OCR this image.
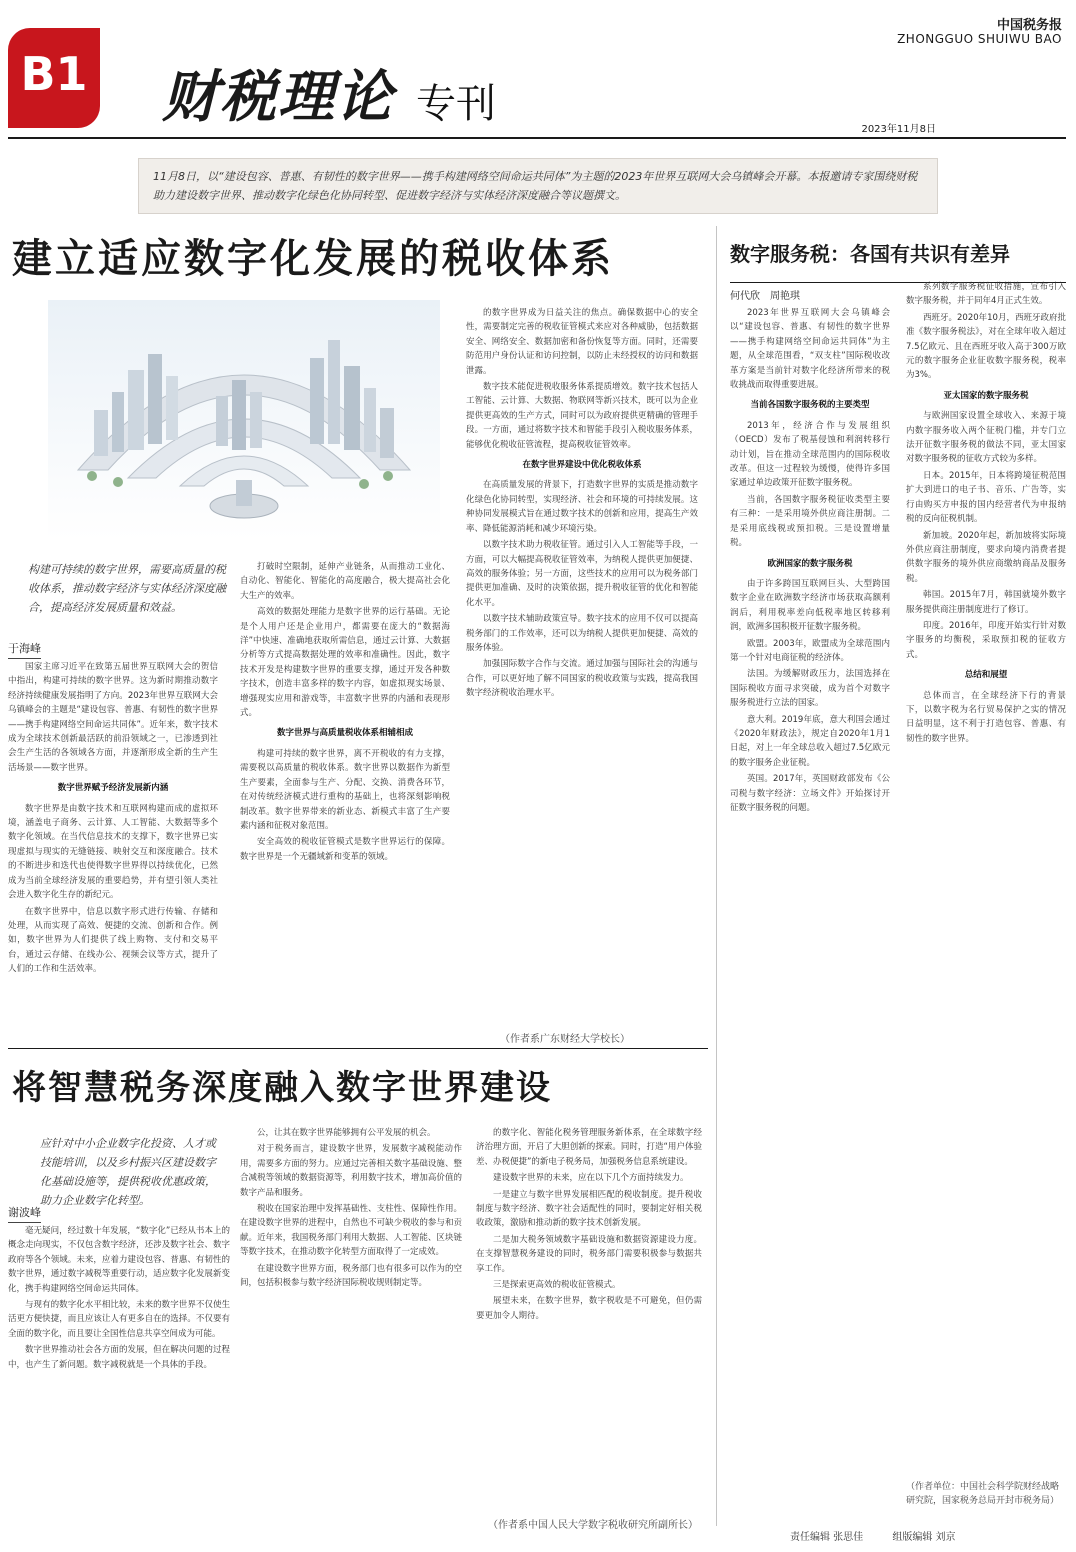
B1 财税理论 专刊
中国税务报
ZHONGGUO SHUIWU BAO
2023年11月8日
11月8日，以“建设包容、普惠、有韧性的数字世界——携手构建网络空间命运共同体”为主题的2023年世界互联网大会乌镇峰会开幕。本报邀请专家围绕财税助力建设数字世界、推动数字化绿色化协同转型、促进数字经济与实体经济深度融合等议题撰文。
建立适应数字化发展的税收体系
构建可持续的数字世界，需要高质量的税收体系，推动数字经济与实体经济深度融合，提高经济发展质量和效益。
于海峰

国家主席习近平在致第五届世界互联网大会的贺信中指出，构建可持续的数字世界。这为新时期推动数字经济持续健康发展指明了方向。2023年世界互联网大会乌镇峰会的主题是“建设包容、普惠、有韧性的数字世界——携手构建网络空间命运共同体”。近年来，数字技术成为全球技术创新最活跃的前沿领域之一，已渗透到社会生产生活的各领域各方面，并逐渐形成全新的生产生活场景——数字世界。

数字世界赋予经济发展新内涵

数字世界是由数字技术和互联网构建而成的虚拟环境，涵盖电子商务、云计算、人工智能、大数据等多个数字化领域。在当代信息技术的支撑下，数字世界已实现虚拟与现实的无缝链接、映射交互和深度融合。技术的不断进步和迭代也使得数字世界得以持续优化，已然成为当前全球经济发展的重要趋势，并有望引领人类社会进入数字化生存的新纪元。

在数字世界中，信息以数字形式进行传输、存储和处理，从而实现了高效、便捷的交流、创新和合作。例如，数字世界为人们提供了线上购物、支付和交易平台，通过云存储、在线办公、视频会议等方式，提升了人们的工作和生活效率。

打破时空限制，延伸产业链条，从而推动工业化、自动化、智能化、智能化的高度融合，极大提高社会化大生产的效率。

高效的数据处理能力是数字世界的运行基础。无论是个人用户还是企业用户，都需要在庞大的“数据海洋”中快速、准确地获取所需信息，通过云计算、大数据分析等方式提高数据处理的效率和准确性。因此，数字技术开发是构建数字世界的重要支撑，通过开发各种数字技术，创造丰富多样的数字内容，如虚拟现实场景、增强现实应用和游戏等，丰富数字世界的内涵和表现形式。

数字世界与高质量税收体系相辅相成

构建可持续的数字世界，离不开税收的有力支撑，需要税以高质量的税收体系。数字世界以数据作为新型生产要素，全面参与生产、分配、交换、消费各环节，在对传统经济模式进行重构的基础上，也将深刻影响税制改革。数字世界带来的新业态、新模式丰富了生产要素内涵和征税对象范围。

安全高效的税收征管模式是数字世界运行的保障。数字世界是一个无疆域新和变革的领域。

的数字世界成为日益关注的焦点。确保数据中心的安全性，需要制定完善的税收征管模式来应对各种威胁，包括数据安全、网络安全、数据加密和备份恢复等方面。同时，还需要防范用户身份认证和访问控制，以防止未经授权的访问和数据泄露。

数字技术能促进税收服务体系提质增效。数字技术包括人工智能、云计算、大数据、物联网等新兴技术，既可以为企业提供更高效的生产方式，同时可以为政府提供更精确的管理手段。一方面，通过将数字技术和智能手段引入税收服务体系，能够优化税收征管流程，提高税收征管效率。

在数字世界建设中优化税收体系

在高质量发展的背景下，打造数字世界的实质是推动数字化绿色化协同转型，实现经济、社会和环境的可持续发展。这种协同发展模式旨在通过数字技术的创新和应用，提高生产效率、降低能源消耗和减少环境污染。

以数字技术助力税收征管。通过引入人工智能等手段，一方面，可以大幅提高税收征管效率，为纳税人提供更加便捷、高效的服务体验；另一方面，这些技术的应用可以为税务部门提供更加准确、及时的决策依据，提升税收征管的优化和智能化水平。

以数字技术辅助政策宣导。数字技术的应用不仅可以提高税务部门的工作效率，还可以为纳税人提供更加便捷、高效的服务体验。

加强国际数字合作与交流。通过加强与国际社会的沟通与合作，可以更好地了解不同国家的税收政策与实践，提高我国数字经济税收治理水平。

（作者系广东财经大学校长）
将智慧税务深度融入数字世界建设
应针对中小企业数字化投资、人才或技能培训，以及乡村振兴区建设数字化基础设施等，提供税收优惠政策，助力企业数字化转型。
谢波峰

毫无疑问，经过数十年发展，“数字化”已经从书本上的概念走向现实，不仅包含数字经济，还涉及数字社会、数字政府等各个领域。未来，应着力建设包容、普惠、有韧性的数字世界，通过数字减税等重要行动，适应数字化发展新变化，携手构建网络空间命运共同体。

与现有的数字化水平相比较，未来的数字世界不仅使生活更方便快捷，而且应该让人有更多自在的选择。不仅要有全面的数字化，而且要让全国性信息共享空间成为可能。

数字世界推动社会各方面的发展，但在解决问题的过程中，也产生了新问题。数字减税就是一个具体的手段。

公，让其在数字世界能够拥有公平发展的机会。

对于税务而言，建设数字世界，发展数字减税能动作用，需要多方面的努力。应通过完善相关数字基础设施、整合减税等领域的数据资源等，利用数字技术，增加高价值的数字产品和服务。

税收在国家治理中发挥基础性、支柱性、保障性作用。在建设数字世界的进程中，自然也不可缺少税收的参与和贡献。近年来，我国税务部门利用大数据、人工智能、区块链等数字技术，在推动数字化转型方面取得了一定成效。

在建设数字世界方面，税务部门也有很多可以作为的空间，包括积极参与数字经济国际税收规则制定等。

的数字化、智能化税务管理服务新体系，在全球数字经济治理方面，开启了大胆创新的探索。同时，打造“用户体验差、办税便捷”的新电子税务局，加强税务信息系统建设。

建设数字世界的未来，应在以下几个方面持续发力。

一是建立与数字世界发展相匹配的税收制度。提升税收制度与数字经济、数字社会适配性的同时，要制定好相关税收政策，激励和推动新的数字技术创新发展。

二是加大税务领域数字基础设施和数据资源建设力度。在支撑智慧税务建设的同时，税务部门需要积极参与数据共享工作。

三是探索更高效的税收征管模式。

展望未来，在数字世界，数字税收是不可避免，但仍需要更加令人期待。

（作者系中国人民大学数字税收研究所副所长）
数字服务税：各国有共识有差异
何代欣　周艳琪

2023年世界互联网大会乌镇峰会以“建设包容、普惠、有韧性的数字世界——携手构建网络空间命运共同体”为主题，从全球范围看，“双支柱”国际税收改革方案是当前针对数字化经济所带来的税收挑战而取得重要进展。

当前各国数字服务税的主要类型

2013年，经济合作与发展组织（OECD）发布了税基侵蚀和利润转移行动计划，旨在推动全球范围内的国际税收改革。但这一过程较为缓慢，使得许多国家通过单边政策开征数字服务税。

当前，各国数字服务税征收类型主要有三种：一是采用境外供应商注册制。二是采用底线税或预扣税。三是设置增量税。

欧洲国家的数字服务税

由于许多跨国互联网巨头、大型跨国数字企业在欧洲数字经济市场获取高额利润后，利用税率差向低税率地区转移利润，欧洲多国积极开征数字服务税。

欧盟。2003年，欧盟成为全球范围内第一个针对电商征税的经济体。

法国。为缓解财政压力，法国选择在国际税收方面寻求突破，成为首个对数字服务税进行立法的国家。

意大利。2019年底，意大利国会通过《2020年财政法》，规定自2020年1月1日起，对上一年全球总收入超过7.5亿欧元的数字服务企业征税。

英国。2017年，英国财政部发布《公司税与数字经济：立场文件》开始探讨开征数字服务税的问题。

系列数字服务税征收措施，宣布引入数字服务税，并于同年4月正式生效。

西班牙。2020年10月，西班牙政府批准《数字服务税法》，对在全球年收入超过7.5亿欧元、且在西班牙收入高于300万欧元的数字服务企业征收数字服务税，税率为3%。

亚太国家的数字服务税

与欧洲国家设置全球收入、来源于境内数字服务收入两个征税门槛，并专门立法开征数字服务税的做法不同，亚太国家对数字服务税的征收方式较为多样。

日本。2015年，日本将跨境征税范围扩大到进口的电子书、音乐、广告等，实行由购买方申报的国内经营者代为申报纳税的反向征税机制。

新加坡。2020年起，新加坡将实际境外供应商注册制度，要求向境内消费者提供数字服务的境外供应商缴纳商品及服务税。

韩国。2015年7月，韩国就境外数字服务提供商注册制度进行了修订。

印度。2016年，印度开始实行针对数字服务的均衡税，采取预扣税的征收方式。

总结和展望

总体而言，在全球经济下行的背景下，以数字税为名行贸易保护之实的情况日益明显，这不利于打造包容、普惠、有韧性的数字世界。

（作者单位：中国社会科学院财经战略研究院，国家税务总局开封市税务局）
责任编辑 张思佳	组版编辑 刘京
